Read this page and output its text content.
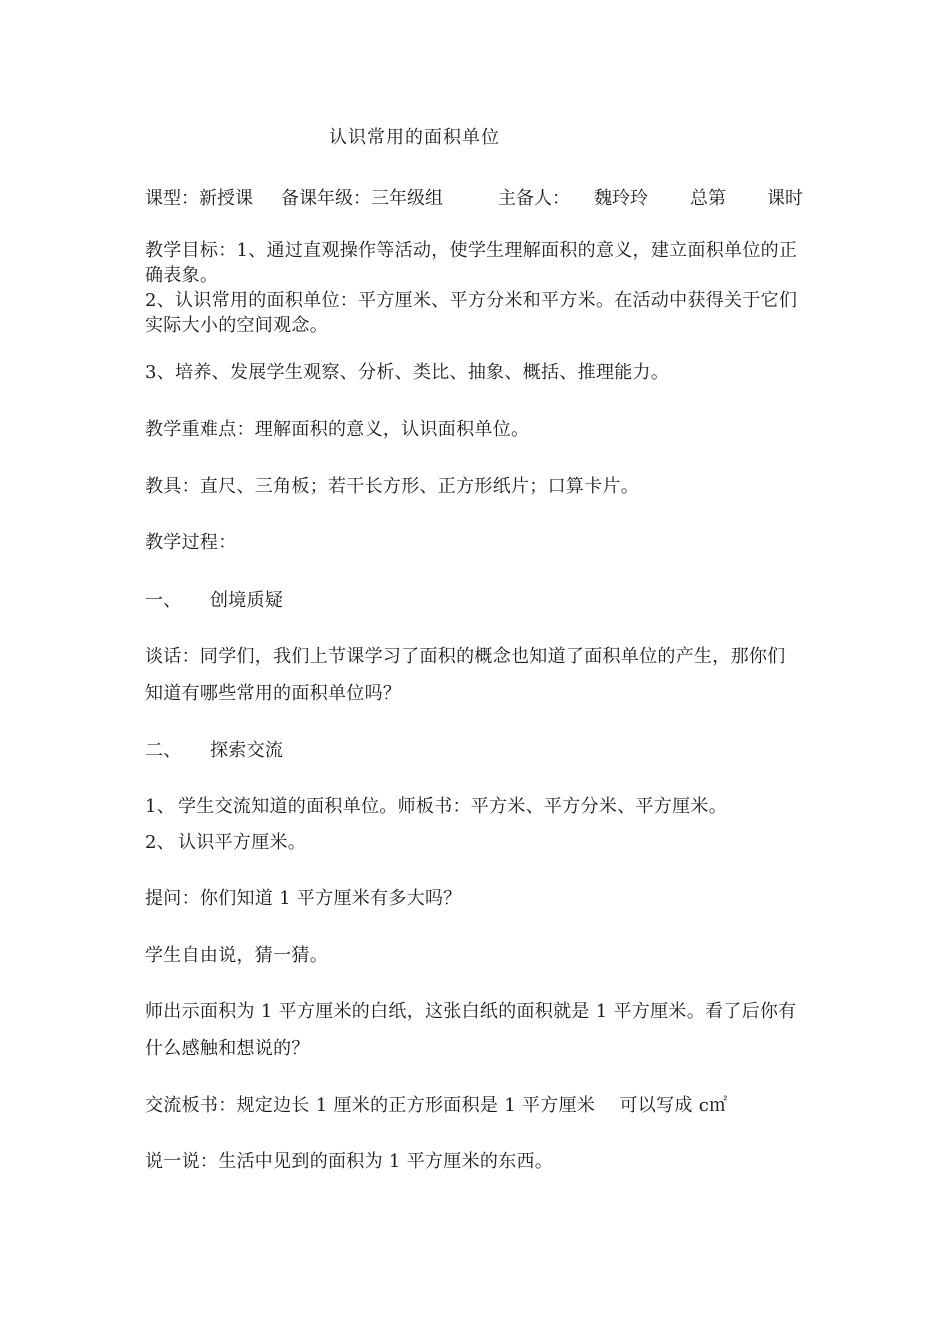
认识常用的面积单位
课型：新授课 备课年级：三年级组	主备人： 魏玲玲 总第 课时
教学目标：1、通过直观操作等活动，使学生理解面积的意义，建立面积单位的正
确表象。
2、认识常用的面积单位：平方厘米、平方分米和平方米。在活动中获得关于它们
实际大小的空间观念。
3、培养、发展学生观察、分析、类比、抽象、概括、推理能力。
教学重难点：理解面积的意义，认识面积单位。
教具：直尺、三角板；若干长方形、正方形纸片；口算卡片。
教学过程：
一、 创境质疑
谈话：同学们，我们上节课学习了面积的概念也知道了面积单位的产生，那你们
知道有哪些常用的面积单位吗？
二、 探索交流
1、 学生交流知道的面积单位。师板书：平方米、平方分米、平方厘米。
2、 认识平方厘米。
提问：你们知道 1 平方厘米有多大吗？
学生自由说，猜一猜。
师出示面积为 1 平方厘米的白纸，这张白纸的面积就是 1 平方厘米。看了后你有
什么感触和想说的？
交流板书：规定边长 1 厘米的正方形面积是 1 平方厘米　 可以写成 c㎡
说一说：生活中见到的面积为 1 平方厘米的东西。
